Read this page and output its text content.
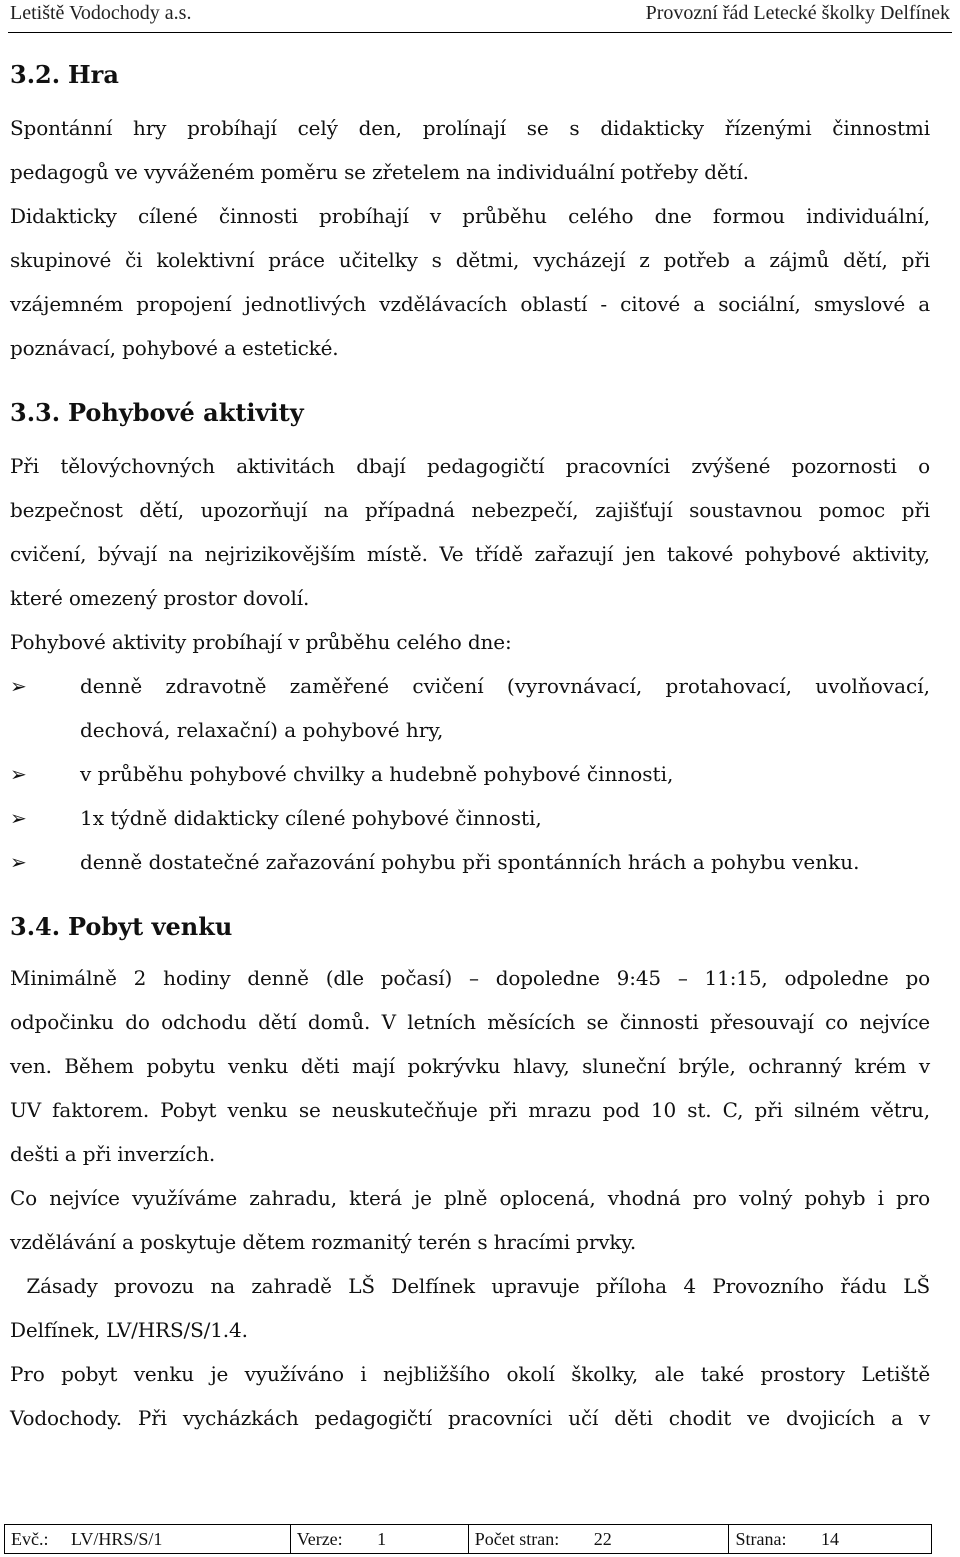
Letiště Vodochody a.s.	Provozní řád Letecké školky Delfínek
3.2. Hra
Spontánní hry probíhají celý den, prolínají se s didakticky řízenými činnostmi
pedagogů ve vyváženém poměru se zřetelem na individuální potřeby dětí.
Didakticky cílené činnosti probíhají v průběhu celého dne formou individuální,
skupinové či kolektivní práce učitelky s dětmi, vycházejí z potřeb a zájmů dětí, při
vzájemném propojení jednotlivých vzdělávacích oblastí - citové a sociální, smyslové a
poznávací, pohybové a estetické.
3.3. Pohybové aktivity
Při tělovýchovných aktivitách dbají pedagogičtí pracovníci zvýšené pozornosti o
bezpečnost dětí, upozorňují na případná nebezpečí, zajišťují soustavnou pomoc při
cvičení, bývají na nejrizikovějším místě. Ve třídě zařazují jen takové pohybové aktivity,
které omezený prostor dovolí.
Pohybové aktivity probíhají v průběhu celého dne:
➢	denně zdravotně zaměřené cvičení (vyrovnávací, protahovací, uvolňovací,
dechová, relaxační) a pohybové hry,
➢	v průběhu pohybové chvilky a hudebně pohybové činnosti,
➢	1x týdně didakticky cílené pohybové činnosti,
➢	denně dostatečné zařazování pohybu při spontánních hrách a pohybu venku.
3.4. Pobyt venku
Minimálně 2 hodiny denně (dle počasí) – dopoledne 9:45 – 11:15, odpoledne po
odpočinku do odchodu dětí domů. V letních měsících se činnosti přesouvají co nejvíce
ven. Během pobytu venku děti mají pokrývku hlavy, sluneční brýle, ochranný krém v
UV faktorem. Pobyt venku se neuskutečňuje při mrazu pod 10 st. C, při silném větru,
dešti a při inverzích.
Co nejvíce využíváme zahradu, která je plně oplocená, vhodná pro volný pohyb i pro
vzdělávání a poskytuje dětem rozmanitý terén s hracími prvky.
Zásady provozu na zahradě LŠ Delfínek upravuje příloha 4 Provozního řádu LŠ
Delfínek, LV/HRS/S/1.4.
Pro pobyt venku je využíváno i nejbližšího okolí školky, ale také prostory Letiště
Vodochody. Při vycházkách pedagogičtí pracovníci učí děti chodit ve dvojicích a v
Evč.: LV/HRS/S/1	Verze: 1	Počet stran: 22	Strana: 14
